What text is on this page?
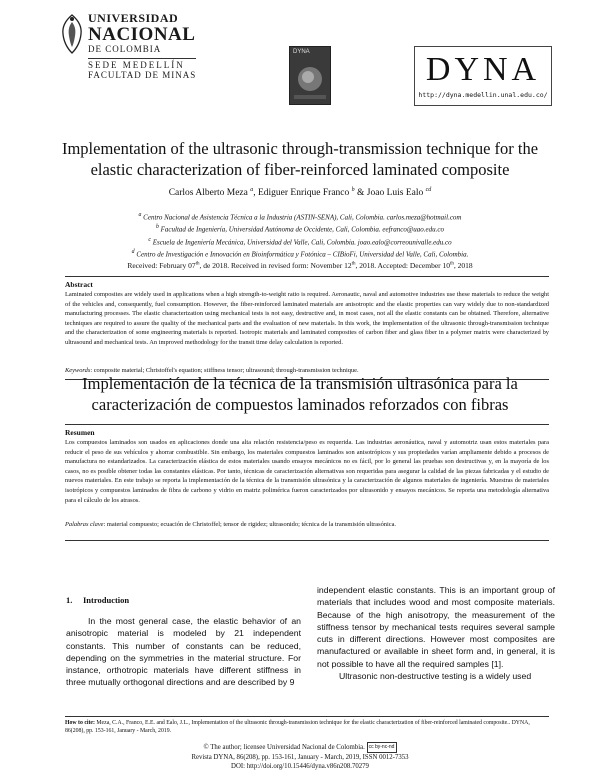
UNIVERSIDAD
NACIONAL
DE COLOMBIA
SEDE MEDELLÍN
FACULTAD DE MINAS
DYNA	DYNA
http://dyna.medellin.unal.edu.co/
Implementation of the ultrasonic through-transmission technique for the elastic characterization of fiber-reinforced laminated composite
Carlos Alberto Meza $^a$, Ediguer Enrique Franco $^b$ & Joao Luis Ealo $^{cd}$
$^a$ Centro Nacional de Asistencia Técnica a la Industria (ASTIN-SENA), Cali, Colombia. carlos.meza@hotmail.com
$^b$ Facultad de Ingeniería, Universidad Autónoma de Occidente, Cali, Colombia. eefranco@uao.edu.co
$^c$ Escuela de Ingeniería Mecánica, Universidad del Valle, Cali, Colombia. joao.ealo@correounivalle.edu.co
$^d$ Centro de Investigación e Innovación en Bioinformática y Fotónica – CIBioFi, Universidad del Valle, Cali, Colombia.
Received: February 07th, de 2018. Received in revised form: November 12th, 2018. Accepted: December 10th, 2018
Abstract
Laminated composites are widely used in applications when a high strength-to-weight ratio is required. Aeronautic, naval and automotive industries use these materials to reduce the weight of the vehicles and, consequently, fuel consumption. However, the fiber-reinforced laminated materials are anisotropic and the elastic properties can vary widely due to non-standardized manufacturing processes. The elastic characterization using mechanical tests is not easy, destructive and, in most cases, not all the elastic constants can be obtained. Therefore, alternative techniques are required to assure the quality of the mechanical parts and the evaluation of new materials. In this work, the implementation of the ultrasonic through-transmission technique and the characterization of some engineering materials is reported. Isotropic materials and laminated composites of carbon fiber and glass fiber in a polymer matrix were characterized by ultrasound and mechanical tests. An improved methodology for the transit time delay calculation is reported.
Keywords: composite material; Christoffel's equation; stiffness tensor; ultrasound; through-transmission technique.
Implementación de la técnica de la transmisión ultrasónica para la caracterización de compuestos laminados reforzados con fibras
Resumen
Los compuestos laminados son usados en aplicaciones donde una alta relación resistencia/peso es requerida. Las industrias aeronáutica, naval y automotriz usan estos materiales para reducir el peso de sus vehículos y ahorrar combustible. Sin embargo, los materiales compuestos laminados son anisotrópicos y sus propiedades varían ampliamente debido a procesos de manufactura no estandarizados. La caracterización elástica de estos materiales usando ensayos mecánicos no es fácil, por lo general las pruebas son destructivas y, en la mayoría de los casos, no es posible obtener todas las constantes elásticas. Por tanto, técnicas de caracterización alternativas son requeridas para asegurar la calidad de las piezas fabricadas y el estudio de nuevos materiales. En este trabajo se reporta la implementación de la técnica de la transmisión ultrasónica y la caracterización de algunos materiales de ingeniería. Muestras de materiales isotrópicos y compuestos laminados de fibra de carbono y vidrio en matriz polimérica fueron caracterizados por ultrasonido y ensayos mecánicos. Se reporta una metodología alternativa para el cálculo de los atrasos.
Palabras clave: material compuesto; ecuación de Christoffel; tensor de rigidez; ultrasonido; técnica de la transmisión ultrasónica.
1.     Introduction
In the most general case, the elastic behavior of an anisotropic material is modeled by 21 independent constants. This number of constants can be reduced, depending on the symmetries in the material structure. For instance, orthotropic materials have different stiffness in three mutually orthogonal directions and are described by 9
independent elastic constants. This is an important group of materials that includes wood and most composite materials. Because of the high anisotropy, the measurement of the stiffness tensor by mechanical tests requires several sample cuts in different directions. However most composites are manufactured or available in sheet form and, in general, it is not possible to have all the required samples [1].
Ultrasonic non-destructive testing is a widely used
How to cite: Meza, C.A., Franco, E.E. and Ealo, J.L., Implementation of the ultrasonic through-transmission technique for the elastic characterization of fiber-reinforced laminated composite.. DYNA, 86(208), pp. 153-161, January - March, 2019.
© The author; licensee Universidad Nacional de Colombia. cc by-nc-nd
Revista DYNA, 86(208), pp. 153-161, January - March, 2019, ISSN 0012-7353
DOI: http://doi.org/10.15446/dyna.v86n208.70279
